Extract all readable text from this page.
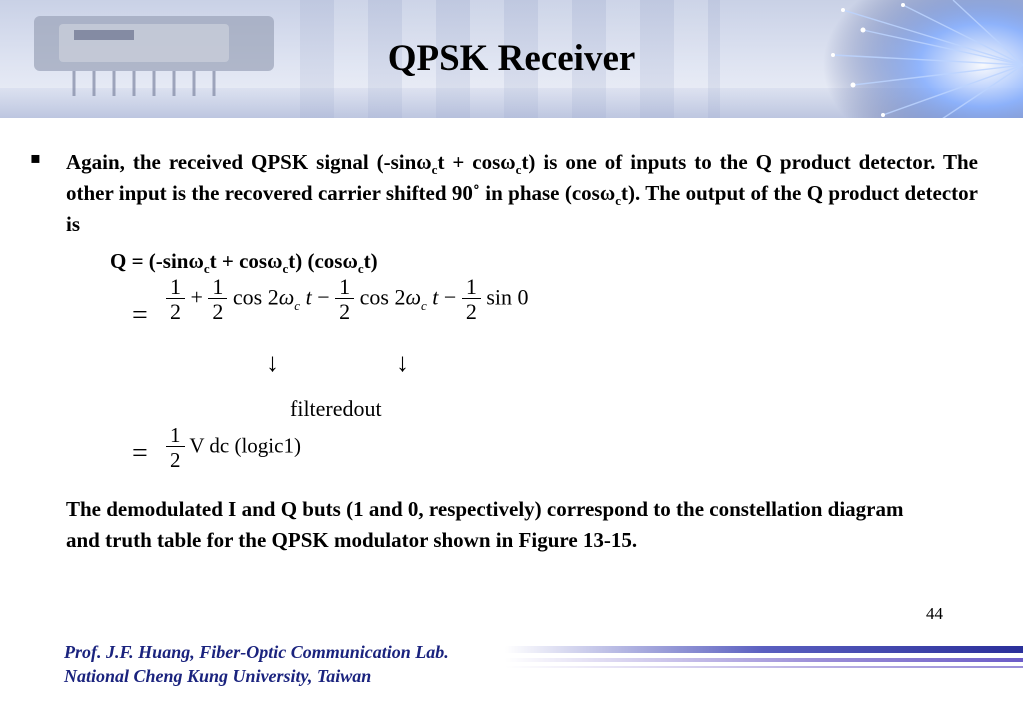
QPSK Receiver
▪ Again, the received QPSK signal (-sinω$_c$t + cosω$_c$t) is one of inputs to the Q product detector. The other input is the recovered carrier shifted 90˚ in phase (cosω$_c$t). The output of the Q product detector is
Q = (-sinω$_c$t + cosω$_c$t) (cosω$_c$t)
= $\frac{1}{2} + \frac{1}{2}$ $\cos 2\omega_c$ $t - \frac{1}{2}$ $\cos 2\omega_c$ $t - \frac{1}{2}$ sin 0
↓	↓
filteredout
= $\frac{1}{2}$ V dc (logic1)
The demodulated I and Q buts (1 and 0, respectively) correspond to the constellation diagram and truth table for the QPSK modulator shown in Figure 13-15.
44
Prof. J.F. Huang, Fiber-Optic Communication Lab.
National Cheng Kung University, Taiwan
